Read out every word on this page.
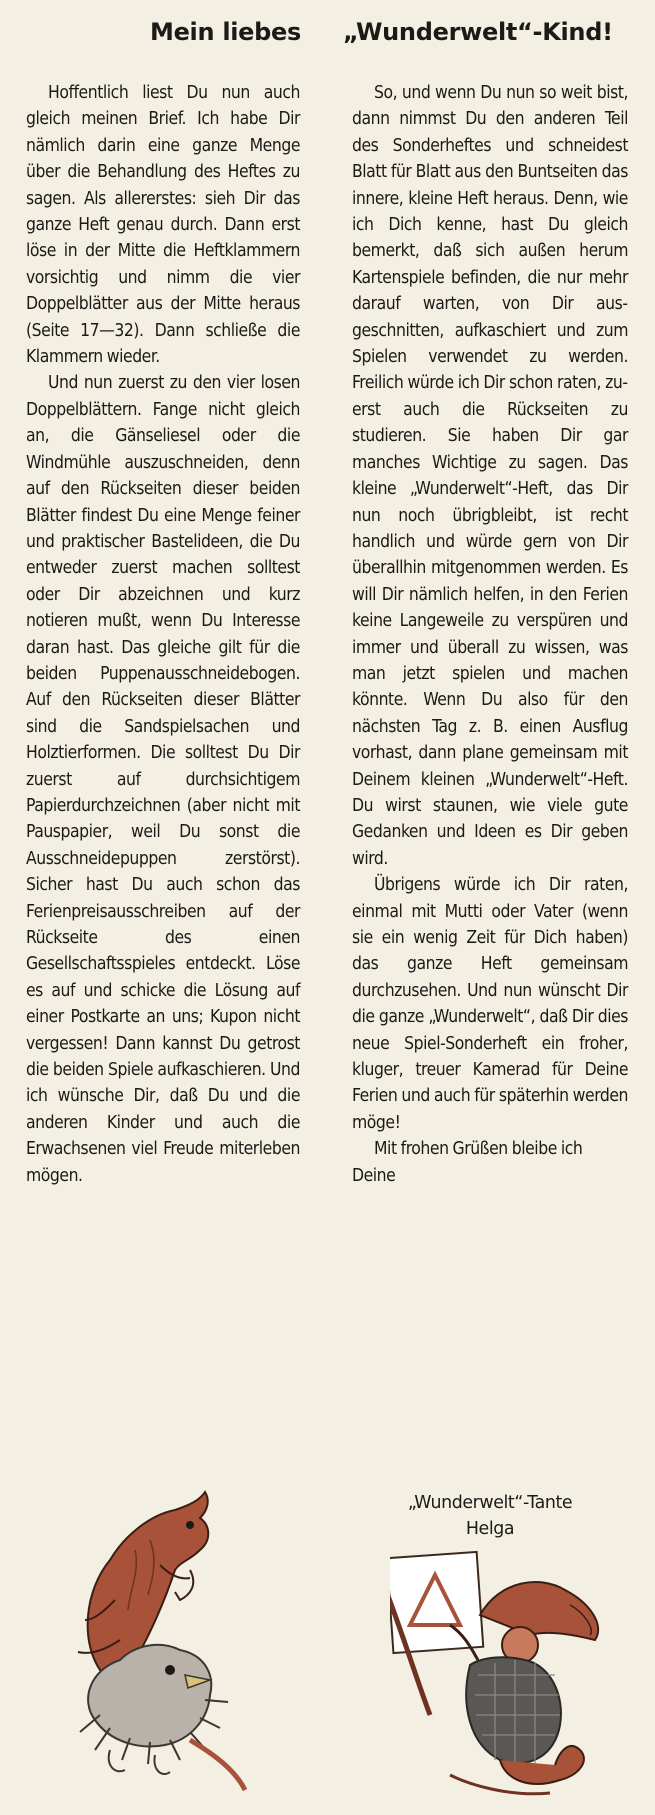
Mein liebes „Wunderwelt“-Kind!

Hoffentlich liest Du nun auch gleich meinen Brief. Ich habe Dir nämlich darin eine ganze Menge über die Behandlung des Heftes zu sagen. Als allererstes: sieh Dir das ganze Heft genau durch. Dann erst löse in der Mitte die Heftklammern vorsichtig und nimm die vier Doppelblätter aus der Mitte heraus (Seite 17—32). Dann schließe die Klammern wieder.

Und nun zuerst zu den vier losen Doppelblättern. Fange nicht gleich an, die Gänseliesel oder die Windmühle auszuschneiden, denn auf den Rückseiten dieser beiden Blätter findest Du eine Menge feiner und praktischer Bastelideen, die Du entweder zuerst machen solltest oder Dir abzeichnen und kurz notieren mußt, wenn Du Interesse daran hast. Das gleiche gilt für die beiden Puppenausschneidebogen. Auf den Rückseiten dieser Blätter sind die Sandspielsachen und Holztierformen. Die solltest Du Dir zuerst auf durchsichtigem Papierdurchzeichnen (aber nicht mit Pauspapier, weil Du sonst die Ausschneidepuppen zerstörst). Sicher hast Du auch schon das Ferienpreisausschreiben auf der Rückseite des einen Gesellschaftsspieles entdeckt. Löse es auf und schicke die Lösung auf einer Postkarte an uns; Kupon nicht vergessen! Dann kannst Du getrost die beiden Spiele aufkaschieren. Und ich wünsche Dir, daß Du und die anderen Kinder und auch die Erwachsenen viel Freude miterleben mögen.

So, und wenn Du nun so weit bist, dann nimmst Du den anderen Teil des Sonderheftes und schneidest Blatt für Blatt aus den Buntseiten das innere, kleine Heft heraus. Denn, wie ich Dich kenne, hast Du gleich bemerkt, daß sich außen herum Kartenspiele befinden, die nur mehr darauf warten, von Dir ausgeschnitten, aufkaschiert und zum Spielen verwendet zu werden. Freilich würde ich Dir schon raten, zuerst auch die Rückseiten zu studieren. Sie haben Dir gar manches Wichtige zu sagen. Das kleine „Wunderwelt“-Heft, das Dir nun noch übrigbleibt, ist recht handlich und würde gern von Dir überallhin mitgenommen werden. Es will Dir nämlich helfen, in den Ferien keine Langeweile zu verspüren und immer und überall zu wissen, was man jetzt spielen und machen könnte. Wenn Du also für den nächsten Tag z. B. einen Ausflug vorhast, dann plane gemeinsam mit Deinem kleinen „Wunderwelt“-Heft. Du wirst staunen, wie viele gute Gedanken und Ideen es Dir geben wird.

Übrigens würde ich Dir raten, einmal mit Mutti oder Vater (wenn sie ein wenig Zeit für Dich haben) das ganze Heft gemeinsam durchzusehen. Und nun wünscht Dir die ganze „Wunderwelt“, daß Dir dies neue Spiel-Sonderheft ein froher, kluger, treuer Kamerad für Deine Ferien und auch für späterhin werden möge!

Mit frohen Grüßen bleibe ich Deine

„Wunderwelt“-Tante
Helga
